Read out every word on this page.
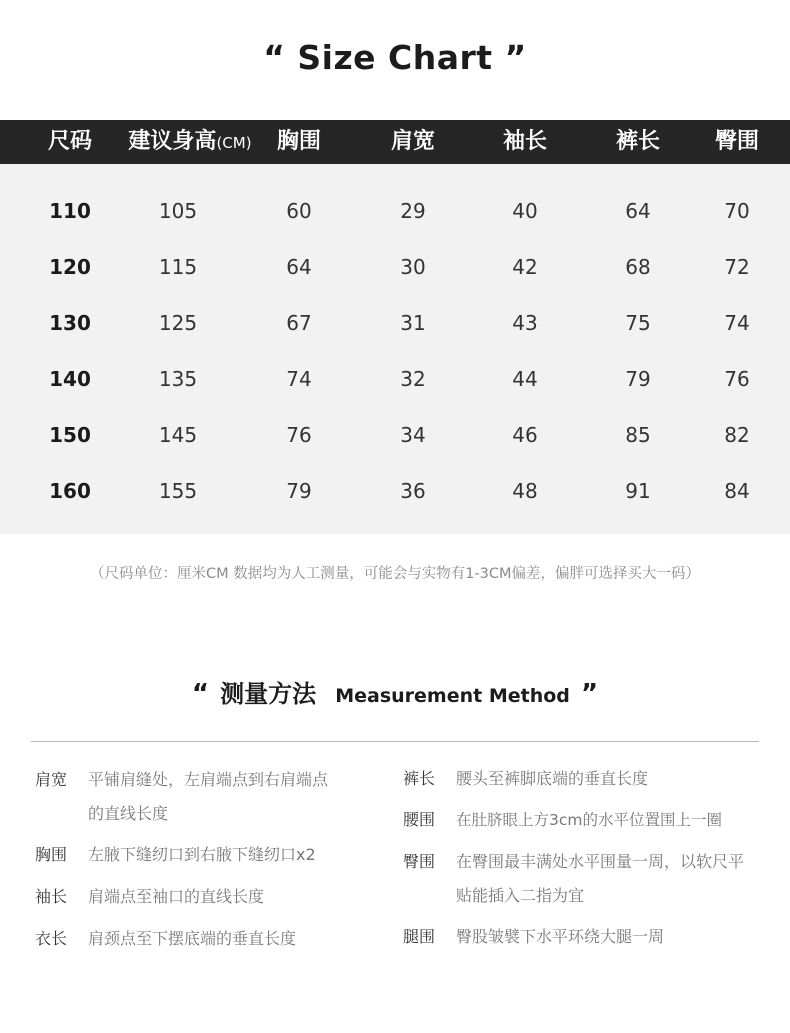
“ Size Chart ”
尺码 建议身高(CM) 胸围	肩宽	袖长	裤长 臀围
110	105	60	29	40	64	70
120	115	64	30	42	68	72
130	125	67	31	43	75	74
140	135	74	32	44	79	76
150	145	76	34	46	85	82
160	155	79	36	48	91	84
（尺码单位：厘米CM 数据均为人工测量，可能会与实物有1-3CM偏差，偏胖可选择买大一码）
“ 测量方法 Measurement Method ”
肩宽 平铺肩缝处，左肩端点到右肩端点的直线长度
胸围 左腋下缝纫口到右腋下缝纫口x2
袖长 肩端点至袖口的直线长度
衣长 肩颈点至下摆底端的垂直长度
裤长 腰头至裤脚底端的垂直长度
腰围 在肚脐眼上方3cm的水平位置围上一圈
臀围 在臀围最丰满处水平围量一周，以软尺平贴能插入二指为宜
腿围 臀股皱襞下水平环绕大腿一周
